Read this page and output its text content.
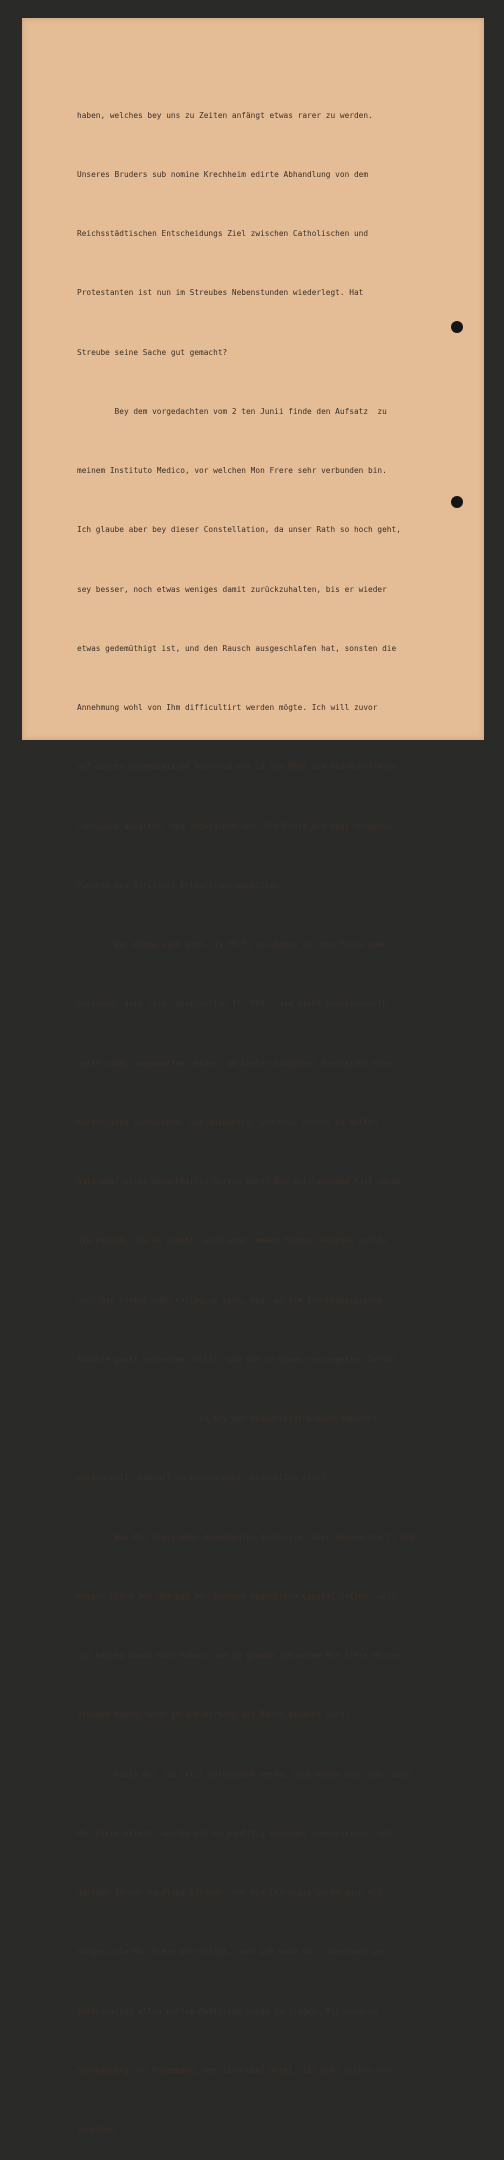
haben, welches bey uns zu Zeiten anfängt etwas rarer zu werden.

Unseres Bruders sub nomine Krechheim edirte Abhandlung von dem

Reichsstädtischen Entscheidungs Ziel zwischen Catholischen und

Protestanten ist nun im Streubes Nebenstunden wiederlegt. Hat

Streube seine Sache gut gemacht?

Bey dem vorgedachten vom 2 ten Junii finde den Aufsatz  zu

meinem Instituto Medico, vor welchen Mon Frere sehr verbunden bin.

Ich glaube aber bey dieser Constellation, da unser Rath so hoch geht,

sey besser, noch etwas weniges damit zurückzuhalten, bis er wieder

etwas gedemüthigt ist, und den Rausch ausgeschlafen hat, sonsten die

Annehmung wohl von Ihm difficultirt werden mögte. Ich will zuvor

auf obiges Grimmeisische Decretum vom 24 ten Maji ein Reichshofraths

Conclusum abwarten, und inzwischen von  Mon Frere mir über folgende

Puncten des Aufsatzes Erläuterung ausbitten:

Wer mögte sich wohl, da 75 fl von denen vor Mon Frere oder

posteros, dato casu, destinirten fl. 500., die nicht Danckenswerth

werth sind, ausgeworfen werden, am besten schicken? Vielleicht eine

Bürgerliche Consulente, die auswärtig, und hier nichts zu hoffen

hat? oder eines benachbarten Herren Rath? Bey entstehendem Fall würde

die Person, die es angeht, auch wohl jemand finden, welches sollte

wohl das Corpus oder Collegium seyn, das, wo die Senckenbergische

Familie gantz erlöschen sollte, und das in einem versiegelten Zettul

so bey der Universität Gießen deponirt

werden soll, namhaft zu machen wäre,,eigentlich seyn?

Wan Mon Frere oder dependenten destinire, aber obgedachte fl 500

müssen hiero von dem bey der Rechney deponirten Capital fallen, weil

wir keinen Banco hier haben; und so glaube ich werde Mon Frere es ver

standen haben, wenn in dem Aufsatz des Banco gedacht wird?

Falls mir, da jetzt verhindert werde, noch etwas bey, oder auch

Mon Frere selbst, wollen wir es künfftig einander communiciren, und

darüber ferner Handlung pflegen. Vor die Chirurgie werde auch mit

sorgen, wie Mon Frere vorschlägt, dann ich habe vor, überhaupt vor

Verbesserung allem partem Medicinae Sorge zu tragen. Mit unserem

Senckenberg von Friedberg, der sich übel artet, ist wohl nichts vor-

zunehmen.
